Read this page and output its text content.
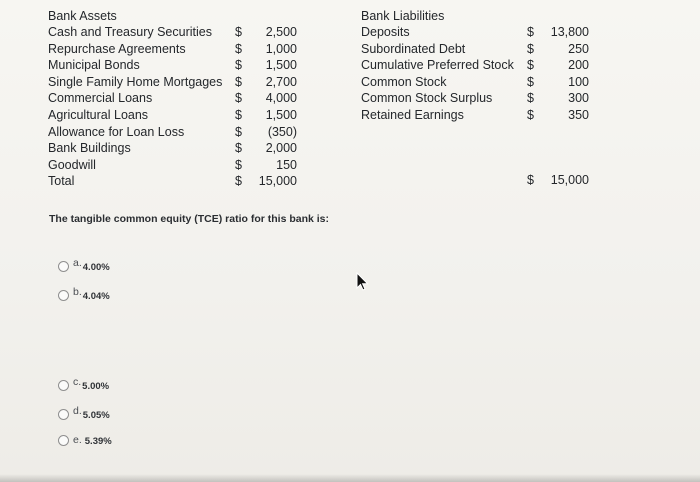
Bank Assets
Cash and Treasury Securities $	2,500
Repurchase Agreements	$	1,000
Municipal Bonds	$	1,500
Single Family Home Mortgages $	2,700
Commercial Loans	$	4,000
Agricultural Loans	$	1,500
Allowance for Loan Loss	$	(350)
Bank Buildings	$	2,000
Goodwill	$	150
Total	$	15,000
Bank Liabilities
Deposits	$	13,800
Subordinated Debt	$	250
Cumulative Preferred Stock $	200
Common Stock	$	100
Common Stock Surplus	$	300
Retained Earnings	$	350
$	15,000
The tangible common equity (TCE) ratio for this bank is:
a. 4.00%
b. 4.04%
c. 5.00%
d. 5.05%
e. 5.39%
